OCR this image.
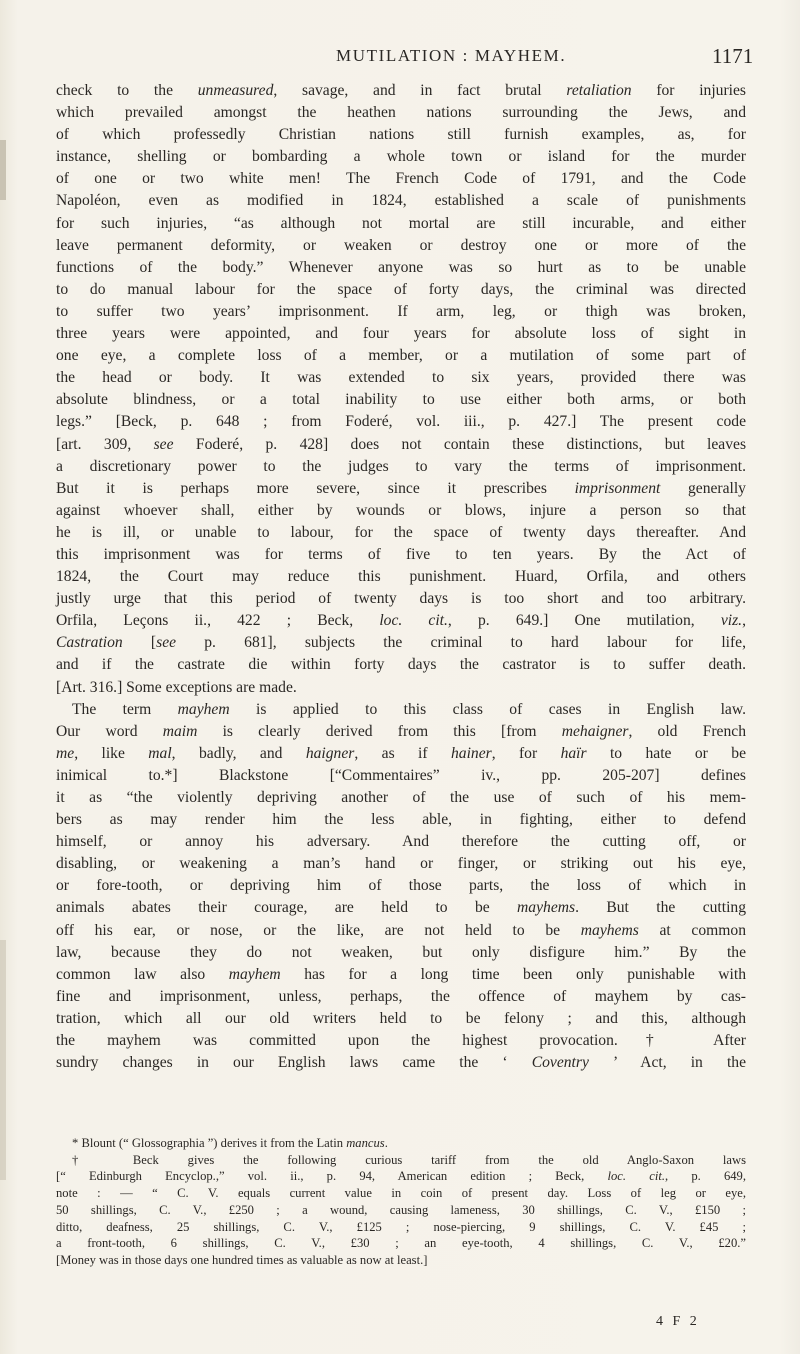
MUTILATION : MAYHEM.	1171
check to the unmeasured, savage, and in fact brutal retaliation for injuries
which prevailed amongst the heathen nations surrounding the Jews, and
of which professedly Christian nations still furnish examples, as, for
instance, shelling or bombarding a whole town or island for the murder
of one or two white men! The French Code of 1791, and the Code
Napoléon, even as modified in 1824, established a scale of punishments
for such injuries, “as although not mortal are still incurable, and either
leave permanent deformity, or weaken or destroy one or more of the
functions of the body.” Whenever anyone was so hurt as to be unable
to do manual labour for the space of forty days, the criminal was directed
to suffer two years’ imprisonment. If arm, leg, or thigh was broken,
three years were appointed, and four years for absolute loss of sight in
one eye, a complete loss of a member, or a mutilation of some part of
the head or body. It was extended to six years, provided there was
absolute blindness, or a total inability to use either both arms, or both
legs.” [Beck, p. 648 ; from Foderé, vol. iii., p. 427.] The present code
[art. 309, see Foderé, p. 428] does not contain these distinctions, but leaves
a discretionary power to the judges to vary the terms of imprisonment.
But it is perhaps more severe, since it prescribes imprisonment generally
against whoever shall, either by wounds or blows, injure a person so that
he is ill, or unable to labour, for the space of twenty days thereafter. And
this imprisonment was for terms of five to ten years. By the Act of
1824, the Court may reduce this punishment. Huard, Orfila, and others
justly urge that this period of twenty days is too short and too arbitrary.
Orfila, Leçons ii., 422 ; Beck, loc. cit., p. 649.] One mutilation, viz.,
Castration [see p. 681], subjects the criminal to hard labour for life,
and if the castrate die within forty days the castrator is to suffer death.
[Art. 316.] Some exceptions are made.
The term mayhem is applied to this class of cases in English law.
Our word maim is clearly derived from this [from mehaigner, old French
me, like mal, badly, and haigner, as if hainer, for haïr to hate or be
inimical to.*] Blackstone [“Commentaires” iv., pp. 205-207] defines
it as “the violently depriving another of the use of such of his mem-
bers as may render him the less able, in fighting, either to defend
himself, or annoy his adversary. And therefore the cutting off, or
disabling, or weakening a man’s hand or finger, or striking out his eye,
or fore-tooth, or depriving him of those parts, the loss of which in
animals abates their courage, are held to be mayhems. But the cutting
off his ear, or nose, or the like, are not held to be mayhems at common
law, because they do not weaken, but only disfigure him.” By the
common law also mayhem has for a long time been only punishable with
fine and imprisonment, unless, perhaps, the offence of mayhem by cas-
tration, which all our old writers held to be felony ; and this, although
the mayhem was committed upon the highest provocation.† After
sundry changes in our English laws came the ‘ Coventry ’ Act, in the
* Blount (“ Glossographia ”) derives it from the Latin mancus.
† Beck gives the following curious tariff from the old Anglo-Saxon laws
[“ Edinburgh Encyclop.,” vol. ii., p. 94, American edition ; Beck, loc. cit., p. 649,
note : — “ C. V. equals current value in coin of present day. Loss of leg or eye,
50 shillings, C. V., £250 ; a wound, causing lameness, 30 shillings, C. V., £150 ;
ditto, deafness, 25 shillings, C. V., £125 ; nose-piercing, 9 shillings, C. V. £45 ;
a front-tooth, 6 shillings, C. V., £30 ; an eye-tooth, 4 shillings, C. V., £20.”
[Money was in those days one hundred times as valuable as now at least.]
4 F 2
